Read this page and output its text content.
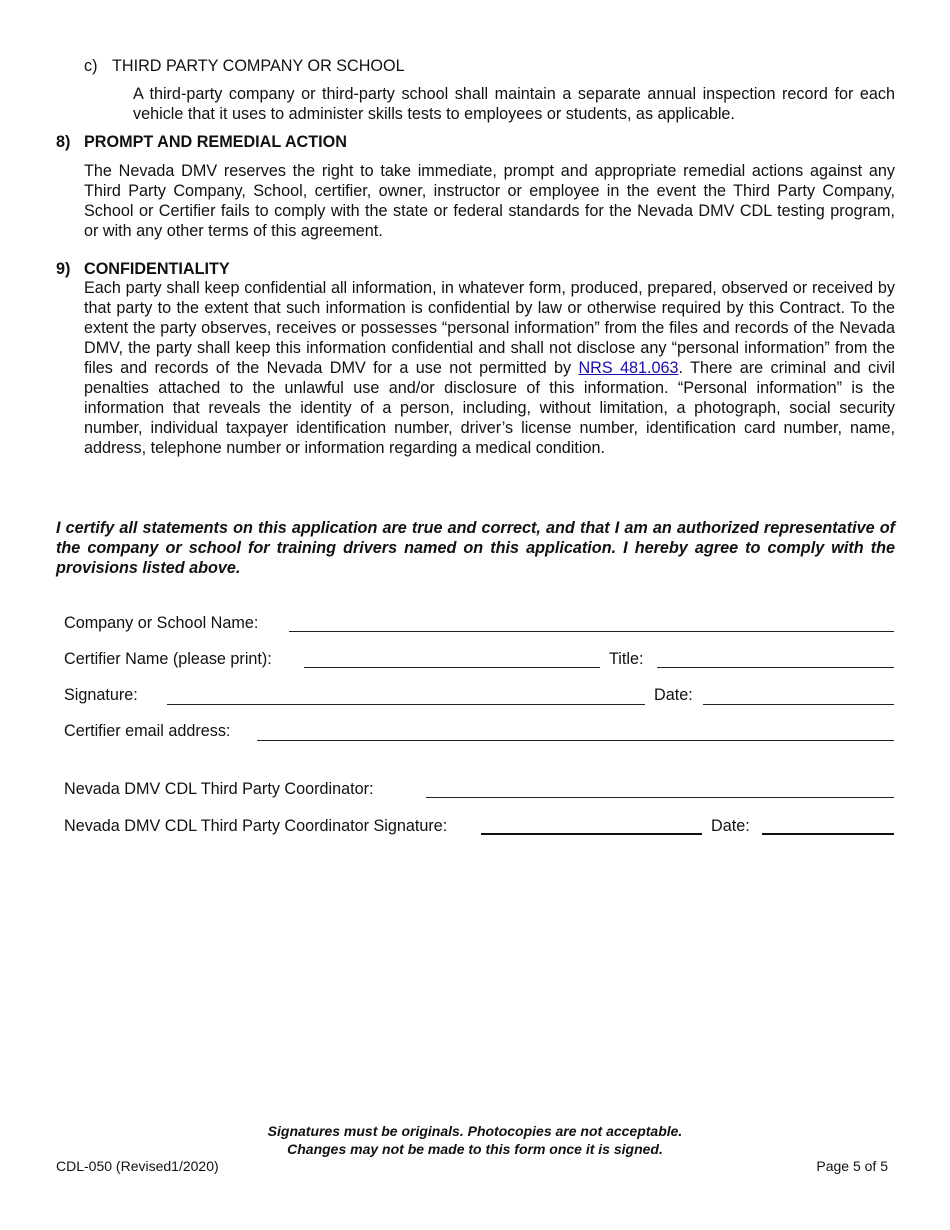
c) THIRD PARTY COMPANY OR SCHOOL
A third-party company or third-party school shall maintain a separate annual inspection record for each vehicle that it uses to administer skills tests to employees or students, as applicable.
8) PROMPT AND REMEDIAL ACTION
The Nevada DMV reserves the right to take immediate, prompt and appropriate remedial actions against any Third Party Company, School, certifier, owner, instructor or employee in the event the Third Party Company, School or Certifier fails to comply with the state or federal standards for the Nevada DMV CDL testing program, or with any other terms of this agreement.
9) CONFIDENTIALITY
Each party shall keep confidential all information, in whatever form, produced, prepared, observed or received by that party to the extent that such information is confidential by law or otherwise required by this Contract. To the extent the party observes, receives or possesses “personal information” from the files and records of the Nevada DMV, the party shall keep this information confidential and shall not disclose any “personal information” from the files and records of the Nevada DMV for a use not permitted by NRS 481.063. There are criminal and civil penalties attached to the unlawful use and/or disclosure of this information. “Personal information” is the information that reveals the identity of a person, including, without limitation, a photograph, social security number, individual taxpayer identification number, driver’s license number, identification card number, name, address, telephone number or information regarding a medical condition.
I certify all statements on this application are true and correct, and that I am an authorized representative of the company or school for training drivers named on this application. I hereby agree to comply with the provisions listed above.
Company or School Name:
Certifier Name (please print):	Title:
Signature:	Date:
Certifier email address:
Nevada DMV CDL Third Party Coordinator:
Nevada DMV CDL Third Party Coordinator Signature:	Date:
Signatures must be originals. Photocopies are not acceptable.
Changes may not be made to this form once it is signed.
CDL-050 (Revised1/2020)	Page 5 of 5
